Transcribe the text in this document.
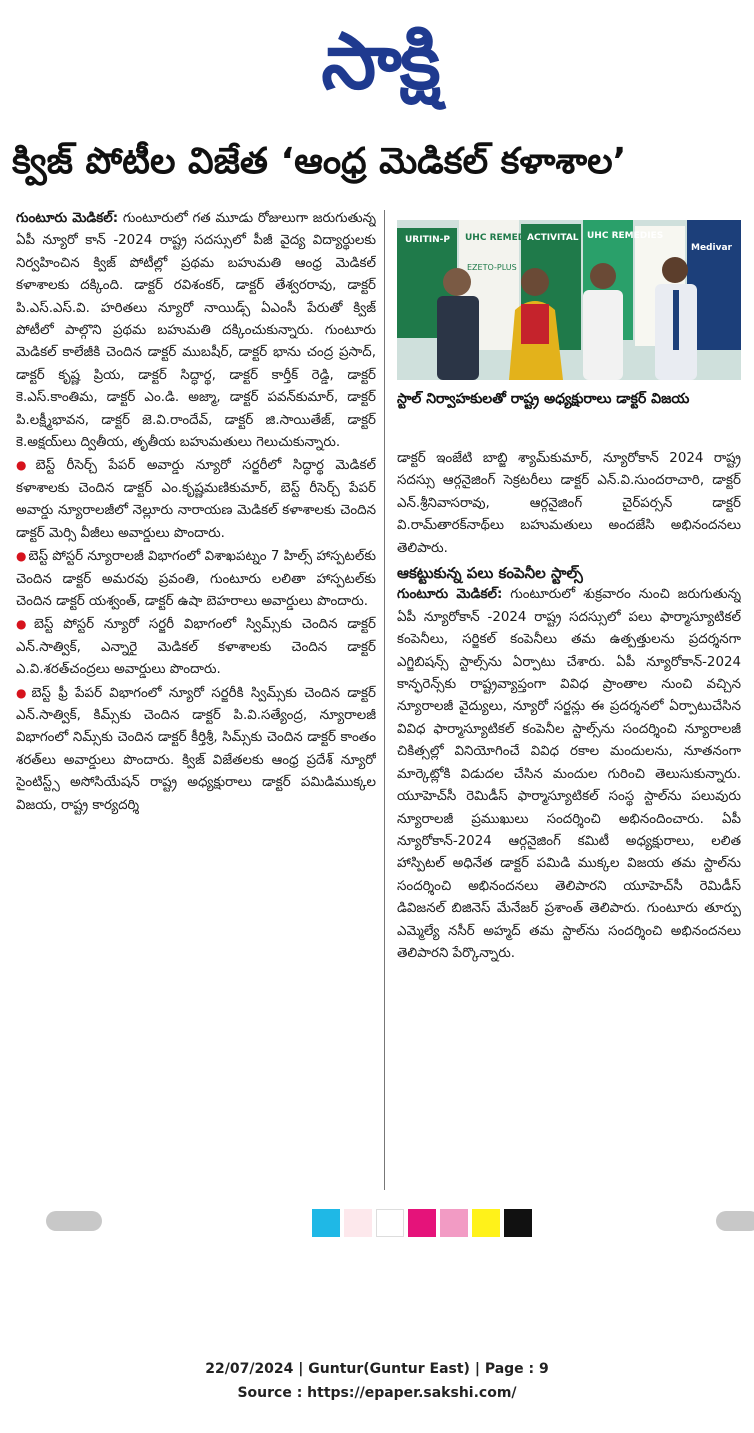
సాక్షి
క్విజ్ పోటీల విజేత ‘ఆంధ్ర మెడికల్ కళాశాల’

గుంటూరు మెడికల్: గుంటూరులో గత మూడు రోజులుగా జరుగుతున్న ఏపీ న్యూరో కాన్ -2024 రాష్ట్ర సదస్సులో పీజీ వైద్య విద్యార్థులకు నిర్వహించిన క్విజ్ పోటీల్లో ప్రథమ బహుమతి ఆంధ్ర మెడికల్ కళాశాలకు దక్కింది. డాక్టర్ రవిశంకర్, డాక్టర్ తేశ్వరరావు, డాక్టర్ పి.ఎస్.ఎస్.వి. హరితలు న్యూరో నాయిడ్స్ ఏఎంసీ పేరుతో క్విజ్ పోటీలో పాల్గొని ప్రథమ బహుమతి దక్కించుకున్నారు. గుంటూరు మెడికల్ కాలేజీకి చెందిన డాక్టర్ ముబషీర్, డాక్టర్ భాను చంద్ర ప్రసాద్, డాక్టర్ కృష్ణ ప్రియ, డాక్టర్ సిద్ధార్థ, డాక్టర్ కార్తీక్ రెడ్డి, డాక్టర్ కె.ఎస్.కాంతిమ, డాక్టర్ ఎం.డి. అజ్మా, డాక్టర్ పవన్‌కుమార్, డాక్టర్ పి.లక్ష్మీభావన, డాక్టర్ జె.వి.రాందేవ్, డాక్టర్ జి.సాయితేజ్, డాక్టర్ కె.అక్షయ్‌లు ద్వితీయ, తృతీయ బహుమతులు గెలుచుకున్నారు.

● బెస్ట్ రీసెర్చ్ పేపర్ అవార్డు న్యూరో సర్జరీలో సిద్ధార్థ మెడికల్ కళాశాలకు చెందిన డాక్టర్ ఎం.కృష్ణమణికుమార్, బెస్ట్ రీసెర్చ్ పేపర్ అవార్డు న్యూరాలజీలో నెల్లూరు నారాయణ మెడికల్ కళాశాలకు చెందిన డాక్టర్ మెర్సి వీజీలు అవార్డులు పొందారు.

● బెస్ట్ పోస్టర్ న్యూరాలజీ విభాగంలో విశాఖపట్నం 7 హిల్స్ హాస్పటల్‌కు చెందిన డాక్టర్ అమరవు ప్రవంతి, గుంటూరు లలితా హాస్పటల్‌కు చెందిన డాక్టర్ యశ్వంత్, డాక్టర్ ఉషా బెహరాలు అవార్డులు పొందారు.

● బెస్ట్ పోస్టర్ న్యూరో సర్జరీ విభాగంలో స్విమ్స్‌కు చెందిన డాక్టర్ ఎన్.సాత్విక్, ఎన్నారై మెడికల్ కళాశాలకు చెందిన డాక్టర్ ఎ.వి.శరత్‌చంద్రలు అవార్డులు పొందారు.

● బెస్ట్ ఫ్రీ పేపర్ విభాగంలో న్యూరో సర్జరీకి స్విమ్స్‌కు చెందిన డాక్టర్ ఎన్.సాత్విక్, కిమ్స్‌కు చెందిన డాక్టర్ పి.వి.సత్యేంద్ర, న్యూరాలజీ విభాగంలో నిమ్స్‌కు చెందిన డాక్టర్ కీర్తిశ్రీ, సిమ్స్‌కు చెందిన డాక్టర్ కాంతం శరత్‌లు అవార్డులు పొందారు. క్విజ్ విజేతలకు ఆంధ్ర ప్రదేశ్ న్యూరో సైంటిస్ట్స్ అసోసియేషన్ రాష్ట్ర అధ్యక్షురాలు డాక్టర్ పమిడిముక్కల విజయ, రాష్ట్ర కార్యదర్శి

URITIN-P UHC REMEDIES
ACTIVITAL UHC REMEDIES
EZETO-PLUS
Medivar
స్టాల్ నిర్వాహకులతో రాష్ట్ర అధ్యక్షురాలు డాక్టర్ విజయ

డాక్టర్ ఇంజేటి బాబ్జి శ్యామ్‌కుమార్, న్యూరోకాన్ 2024 రాష్ట్ర సదస్సు ఆర్గనైజింగ్ సెక్రటరీలు డాక్టర్ ఎన్.వి.సుందరాచారి, డాక్టర్ ఎన్.శ్రీనివాసరావు, ఆర్గనైజింగ్ చైర్‌పర్సన్ డాక్టర్ వి.రామ్‌తారక్‌నాథ్‌లు బహుమతులు అందజేసి అభినందనలు తెలిపారు.

ఆకట్టుకున్న పలు కంపెనీల స్టాల్స్

గుంటూరు మెడికల్: గుంటూరులో శుక్రవారం నుంచి జరుగుతున్న ఏపీ న్యూరోకాన్ -2024 రాష్ట్ర సదస్సులో పలు ఫార్మాస్యూటికల్ కంపెనీలు, సర్జికల్ కంపెనీలు తమ ఉత్పత్తులను ప్రదర్శనగా ఎగ్జిబిషన్స్ స్టాల్స్‌ను ఏర్పాటు చేశారు. ఏపీ న్యూరోకాన్-2024 కాన్ఫరెన్స్‌కు రాష్ట్రవ్యాప్తంగా వివిధ ప్రాంతాల నుంచి వచ్చిన న్యూరాలజీ వైద్యులు, న్యూరో సర్జన్లు ఈ ప్రదర్శనలో ఏర్పాటుచేసిన వివిధ ఫార్మాస్యూటికల్ కంపెనీల స్టాల్స్‌ను సందర్శించి న్యూరాలజీ చికిత్సల్లో వినియోగించే వివిధ రకాల మందులను, నూతనంగా మార్కెట్లోకి విడుదల చేసిన మందుల గురించి తెలుసుకున్నారు. యూహెచ్‌సీ రెమిడీస్ ఫార్మాస్యూటికల్ సంస్థ స్టాల్‌ను పలువురు న్యూరాలజీ ప్రముఖులు సందర్శించి అభినందించారు. ఏపీ న్యూరోకాన్-2024 ఆర్గనైజింగ్ కమిటీ అధ్యక్షురాలు, లలిత హాస్పిటల్ అధినేత డాక్టర్ పమిడి ముక్కల విజయ తమ స్టాల్‌ను సందర్శించి అభినందనలు తెలిపారని యూహెచ్‌సీ రెమిడీస్ డివిజనల్ బిజినెస్ మేనేజర్ ప్రశాంత్ తెలిపారు. గుంటూరు తూర్పు ఎమ్మెల్యే నసీర్ అహ్మద్ తమ స్టాల్‌ను సందర్శించి అభినందనలు తెలిపారని పేర్కొన్నారు.

22/07/2024 | Guntur(Guntur East) | Page : 9
Source : https://epaper.sakshi.com/
